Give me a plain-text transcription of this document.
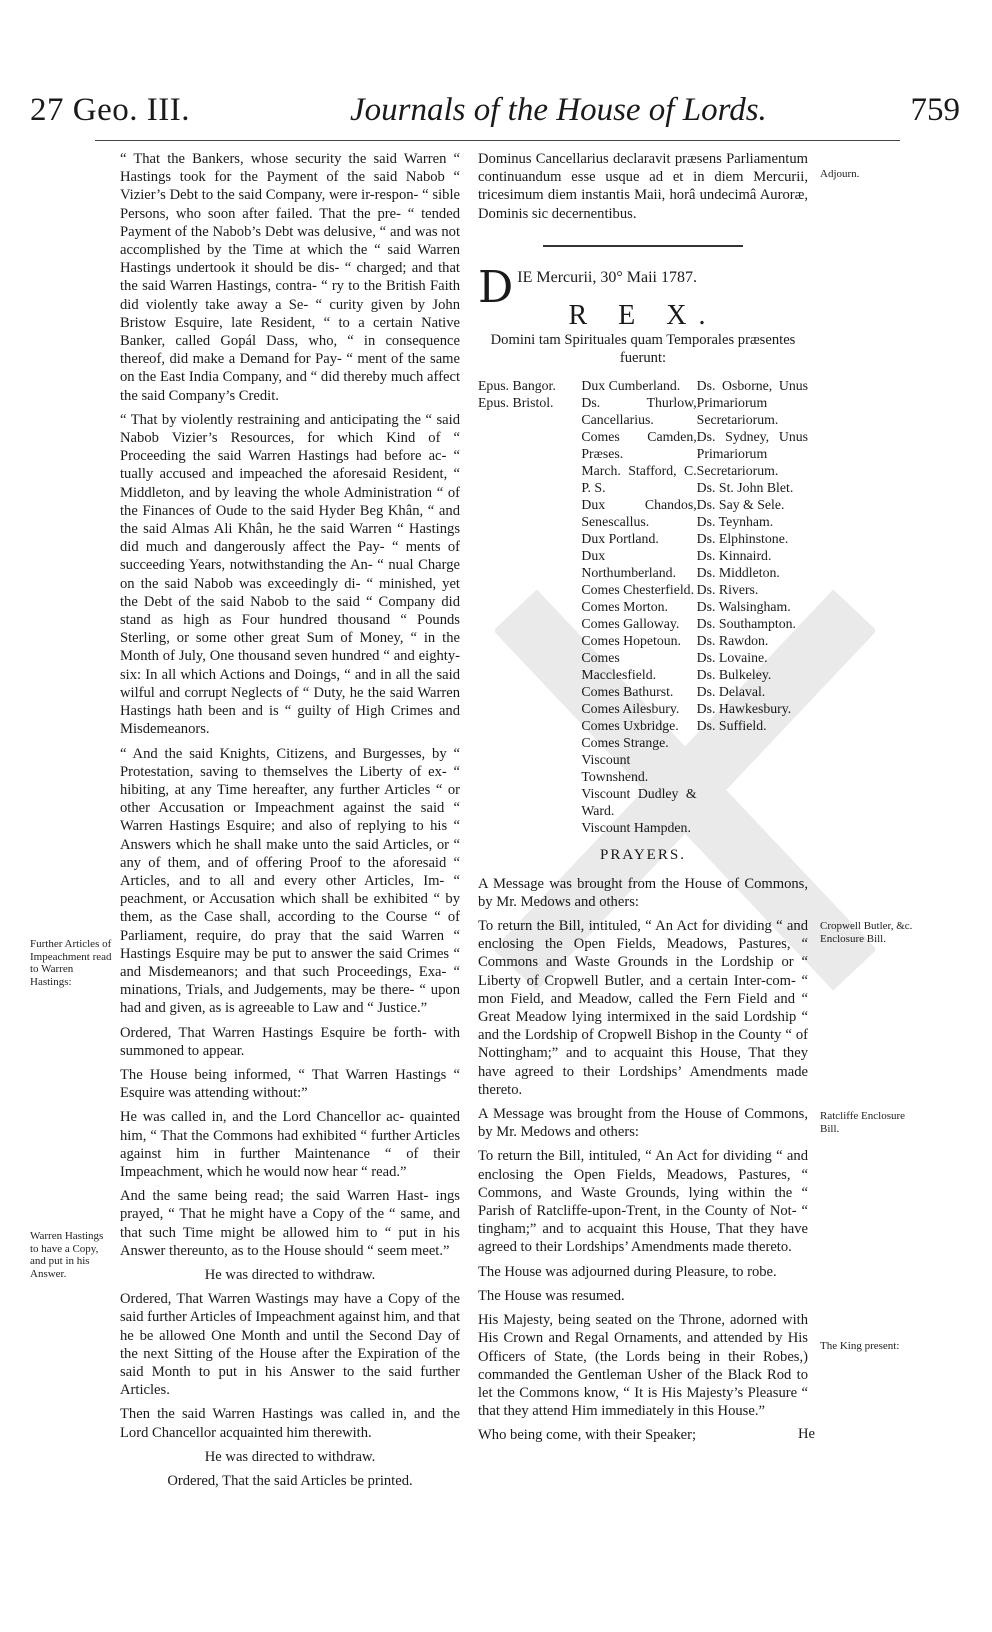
27 Geo. III.	Journals of the House of Lords.	759

“ That the Bankers, whose security the said Warren “ Hastings took for the Payment of the said Nabob “ Vizier’s Debt to the said Company, were ir-respon- “ sible Persons, who soon after failed. That the pre- “ tended Payment of the Nabob’s Debt was delusive, “ and was not accomplished by the Time at which the “ said Warren Hastings undertook it should be dis- “ charged; and that the said Warren Hastings, contra- “ ry to the British Faith did violently take away a Se- “ curity given by John Bristow Esquire, late Resident, “ to a certain Native Banker, called Gopál Dass, who, “ in consequence thereof, did make a Demand for Pay- “ ment of the same on the East India Company, and “ did thereby much affect the said Company’s Credit.

“ That by violently restraining and anticipating the “ said Nabob Vizier’s Resources, for which Kind of “ Proceeding the said Warren Hastings had before ac- “ tually accused and impeached the aforesaid Resident, “ Middleton, and by leaving the whole Administration “ of the Finances of Oude to the said Hyder Beg Khân, “ and the said Almas Ali Khân, he the said Warren “ Hastings did much and dangerously affect the Pay- “ ments of succeeding Years, notwithstanding the An- “ nual Charge on the said Nabob was exceedingly di- “ minished, yet the Debt of the said Nabob to the said “ Company did stand as high as Four hundred thousand “ Pounds Sterling, or some other great Sum of Money, “ in the Month of July, One thousand seven hundred “ and eighty-six: In all which Actions and Doings, “ and in all the said wilful and corrupt Neglects of “ Duty, he the said Warren Hastings hath been and is “ guilty of High Crimes and Misdemeanors.

“ And the said Knights, Citizens, and Burgesses, by “ Protestation, saving to themselves the Liberty of ex- “ hibiting, at any Time hereafter, any further Articles “ or other Accusation or Impeachment against the said “ Warren Hastings Esquire; and also of replying to his “ Answers which he shall make unto the said Articles, or “ any of them, and of offering Proof to the aforesaid “ Articles, and to all and every other Articles, Im- “ peachment, or Accusation which shall be exhibited “ by them, as the Case shall, according to the Course “ of Parliament, require, do pray that the said Warren “ Hastings Esquire may be put to answer the said Crimes “ and Misdemeanors; and that such Proceedings, Exa- “ minations, Trials, and Judgements, may be there- “ upon had and given, as is agreeable to Law and “ Justice.”

Ordered, That Warren Hastings Esquire be forth- with summoned to appear.

The House being informed, “ That Warren Hastings “ Esquire was attending without:”

He was called in, and the Lord Chancellor ac- quainted him, “ That the Commons had exhibited “ further Articles against him in further Maintenance “ of their Impeachment, which he would now hear “ read.”

And the same being read; the said Warren Hast- ings prayed, “ That he might have a Copy of the “ same, and that such Time might be allowed him to “ put in his Answer thereunto, as to the House should “ seem meet.”

He was directed to withdraw.

Ordered, That Warren Wastings may have a Copy of the said further Articles of Impeachment against him, and that he be allowed One Month and until the Second Day of the next Sitting of the House after the Expiration of the said Month to put in his Answer to the said further Articles.

Then the said Warren Hastings was called in, and the Lord Chancellor acquainted him therewith.

He was directed to withdraw.

Ordered, That the said Articles be printed.

Further Articles of Impeachment read to Warren Hastings:
Warren Hastings to have a Copy, and put in his Answer.

Dominus Cancellarius declaravit præsens Parliamentum continuandum esse usque ad et in diem Mercurii, tricesimum diem instantis Maii, horâ undecimâ Auroræ, Dominis sic decernentibus.

D IE Mercurii, 30° Maii 1787.
R E X.
Domini tam Spirituales quam Temporales præsentes fuerunt:
Epus. Bangor.
Epus. Bristol.
Dux Cumberland.
Ds. Thurlow, Cancellarius.
Comes Camden, Præses.
March. Stafford, C. P. S.
Dux Chandos, Senescallus.
Dux Portland.
Dux Northumberland.
Comes Chesterfield.
Comes Morton.
Comes Galloway.
Comes Hopetoun.
Comes Macclesfield.
Comes Bathurst.
Comes Ailesbury.
Comes Uxbridge.
Comes Strange.
Viscount Townshend.
Viscount Dudley & Ward.
Viscount Hampden.
Ds. Osborne, Unus Primariorum Secretariorum.
Ds. Sydney, Unus Primariorum Secretariorum.
Ds. St. John Blet.
Ds. Say & Sele.
Ds. Teynham.
Ds. Elphinstone.
Ds. Kinnaird.
Ds. Middleton.
Ds. Rivers.
Ds. Walsingham.
Ds. Southampton.
Ds. Rawdon.
Ds. Lovaine.
Ds. Bulkeley.
Ds. Delaval.
Ds. Hawkesbury.
Ds. Suffield.
PRAYERS.

A Message was brought from the House of Commons, by Mr. Medows and others:

To return the Bill, intituled, “ An Act for dividing “ and enclosing the Open Fields, Meadows, Pastures, “ Commons and Waste Grounds in the Lordship or “ Liberty of Cropwell Butler, and a certain Inter-com- “ mon Field, and Meadow, called the Fern Field and “ Great Meadow lying intermixed in the said Lordship “ and the Lordship of Cropwell Bishop in the County “ of Nottingham;” and to acquaint this House, That they have agreed to their Lordships’ Amendments made thereto.

A Message was brought from the House of Commons, by Mr. Medows and others:

To return the Bill, intituled, “ An Act for dividing “ and enclosing the Open Fields, Meadows, Pastures, “ Commons, and Waste Grounds, lying within the “ Parish of Ratcliffe-upon-Trent, in the County of Not- “ tingham;” and to acquaint this House, That they have agreed to their Lordships’ Amendments made thereto.

The House was adjourned during Pleasure, to robe.

The House was resumed.

His Majesty, being seated on the Throne, adorned with His Crown and Regal Ornaments, and attended by His Officers of State, (the Lords being in their Robes,) commanded the Gentleman Usher of the Black Rod to let the Commons know, “ It is His Majesty’s Pleasure “ that they attend Him immediately in this House.”

Who being come, with their Speaker;

Adjourn.
Cropwell Butler, &c. Enclosure Bill.
Ratcliffe Enclosure Bill.
The King present:
He
